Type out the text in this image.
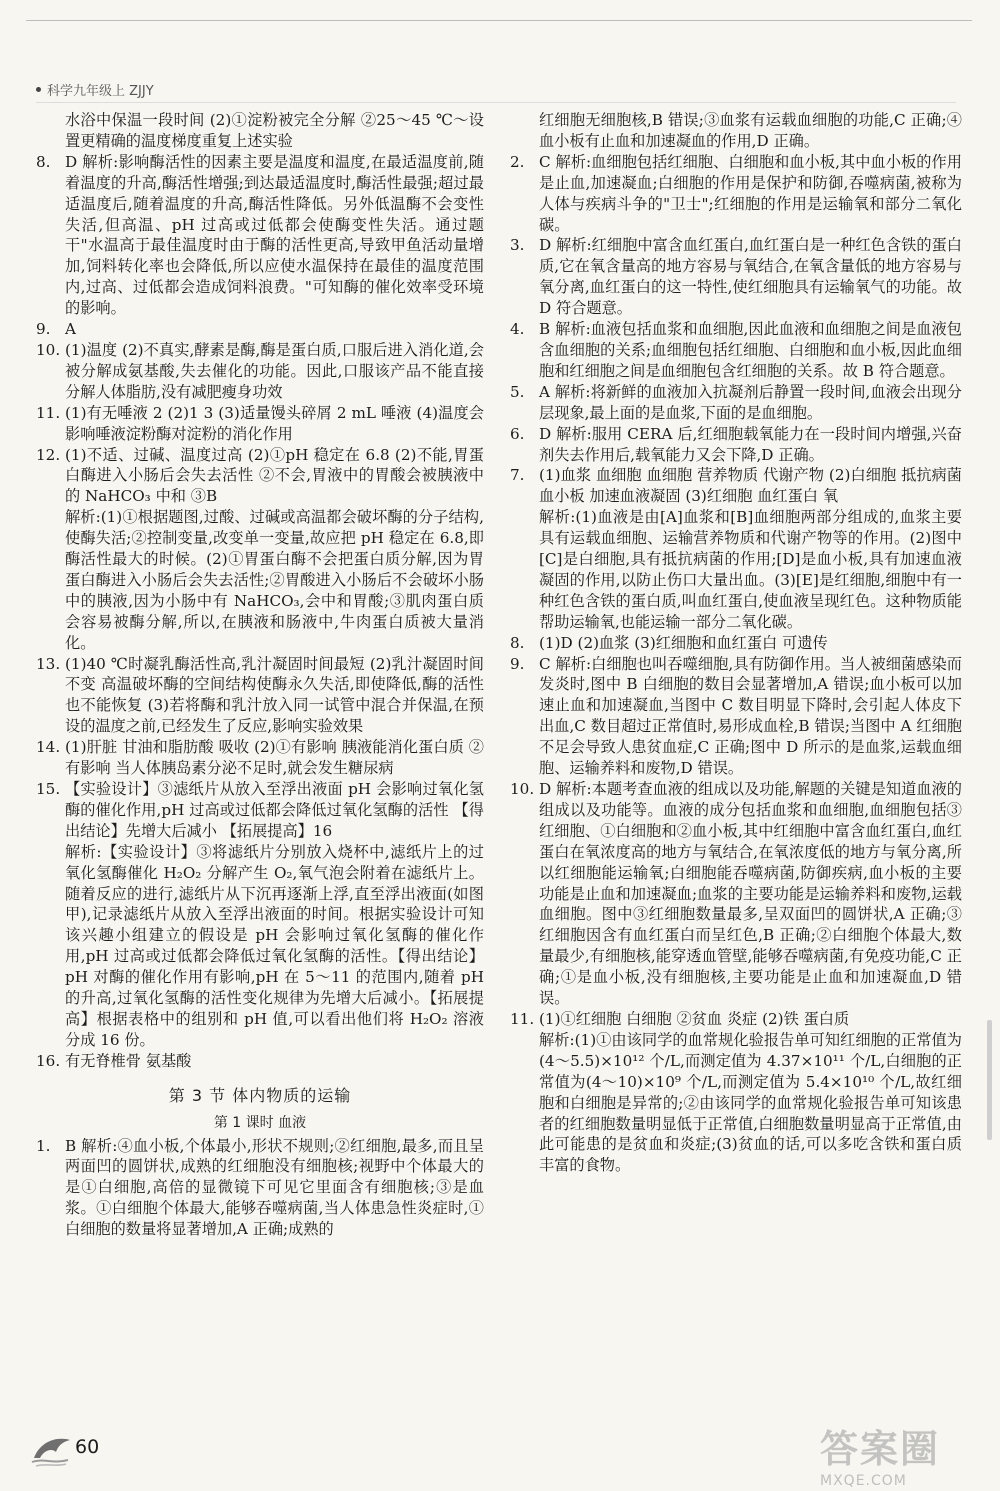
科学九年级上 ZJJY

水浴中保温一段时间 (2)①淀粉被完全分解 ②25～45 ℃～设置更精确的温度梯度重复上述实验

8. D 解析:影响酶活性的因素主要是温度和温度,在最适温度前,随着温度的升高,酶活性增强;到达最适温度时,酶活性最强;超过最适温度后,随着温度的升高,酶活性降低。另外低温酶不会变性失活,但高温、pH 过高或过低都会使酶变性失活。通过题干"水温高于最佳温度时由于酶的活性更高,导致甲鱼活动量增加,饲料转化率也会降低,所以应使水温保持在最佳的温度范围内,过高、过低都会造成饲料浪费。"可知酶的催化效率受环境的影响。

9. A

10. (1)温度 (2)不真实,酵素是酶,酶是蛋白质,口服后进入消化道,会被分解成氨基酸,失去催化的功能。因此,口服该产品不能直接分解人体脂肪,没有减肥瘦身功效

11. (1)有无唾液 2 (2)1 3 (3)适量馒头碎屑 2 mL 唾液 (4)温度会影响唾液淀粉酶对淀粉的消化作用

12. (1)不适、过碱、温度过高 (2)①pH 稳定在 6.8 (2)不能,胃蛋白酶进入小肠后会失去活性 ②不会,胃液中的胃酸会被胰液中的 NaHCO₃ 中和 ③B

解析:(1)①根据题图,过酸、过碱或高温都会破坏酶的分子结构,使酶失活;②控制变量,改变单一变量,故应把 pH 稳定在 6.8,即酶活性最大的时候。(2)①胃蛋白酶不会把蛋白质分解,因为胃蛋白酶进入小肠后会失去活性;②胃酸进入小肠后不会破坏小肠中的胰液,因为小肠中有 NaHCO₃,会中和胃酸;③肌肉蛋白质会容易被酶分解,所以,在胰液和肠液中,牛肉蛋白质被大量消化。

13. (1)40 ℃时凝乳酶活性高,乳汁凝固时间最短 (2)乳汁凝固时间不变 高温破坏酶的空间结构使酶永久失活,即使降低,酶的活性也不能恢复 (3)若将酶和乳汁放入同一试管中混合并保温,在预设的温度之前,已经发生了反应,影响实验效果

14. (1)肝脏 甘油和脂肪酸 吸收 (2)①有影响 胰液能消化蛋白质 ②有影响 当人体胰岛素分泌不足时,就会发生糖尿病

15. 【实验设计】③滤纸片从放入至浮出液面 pH 会影响过氧化氢酶的催化作用,pH 过高或过低都会降低过氧化氢酶的活性 【得出结论】先增大后减小 【拓展提高】16

解析:【实验设计】③将滤纸片分别放入烧杯中,滤纸片上的过氧化氢酶催化 H₂O₂ 分解产生 O₂,氧气泡会附着在滤纸片上。随着反应的进行,滤纸片从下沉再逐渐上浮,直至浮出液面(如图甲),记录滤纸片从放入至浮出液面的时间。根据实验设计可知该兴趣小组建立的假设是 pH 会影响过氧化氢酶的催化作用,pH 过高或过低都会降低过氧化氢酶的活性。【得出结论】pH 对酶的催化作用有影响,pH 在 5～11 的范围内,随着 pH 的升高,过氧化氢酶的活性变化规律为先增大后减小。【拓展提高】根据表格中的组别和 pH 值,可以看出他们将 H₂O₂ 溶液分成 16 份。

16. 有无脊椎骨 氨基酸

第 3 节 体内物质的运输
第 1 课时 血液
1. B 解析:④血小板,个体最小,形状不规则;②红细胞,最多,而且呈两面凹的圆饼状,成熟的红细胞没有细胞核;视野中个体最大的是①白细胞,高倍的显微镜下可见它里面含有细胞核;③是血浆。①白细胞个体最大,能够吞噬病菌,当人体患急性炎症时,①白细胞的数量将显著增加,A 正确;成熟的

红细胞无细胞核,B 错误;③血浆有运载血细胞的功能,C 正确;④血小板有止血和加速凝血的作用,D 正确。

2. C 解析:血细胞包括红细胞、白细胞和血小板,其中血小板的作用是止血,加速凝血;白细胞的作用是保护和防御,吞噬病菌,被称为人体与疾病斗争的"卫士";红细胞的作用是运输氧和部分二氧化碳。

3. D 解析:红细胞中富含血红蛋白,血红蛋白是一种红色含铁的蛋白质,它在氧含量高的地方容易与氧结合,在氧含量低的地方容易与氧分离,血红蛋白的这一特性,使红细胞具有运输氧气的功能。故 D 符合题意。

4. B 解析:血液包括血浆和血细胞,因此血液和血细胞之间是血液包含血细胞的关系;血细胞包括红细胞、白细胞和血小板,因此血细胞和红细胞之间是血细胞包含红细胞的关系。故 B 符合题意。

5. A 解析:将新鲜的血液加入抗凝剂后静置一段时间,血液会出现分层现象,最上面的是血浆,下面的是血细胞。

6. D 解析:服用 CERA 后,红细胞载氧能力在一段时间内增强,兴奋剂失去作用后,载氧能力又会下降,D 正确。

7. (1)血浆 血细胞 血细胞 营养物质 代谢产物 (2)白细胞 抵抗病菌 血小板 加速血液凝固 (3)红细胞 血红蛋白 氧

解析:(1)血液是由[A]血浆和[B]血细胞两部分组成的,血浆主要具有运载血细胞、运输营养物质和代谢产物等的作用。(2)图中[C]是白细胞,具有抵抗病菌的作用;[D]是血小板,具有加速血液凝固的作用,以防止伤口大量出血。(3)[E]是红细胞,细胞中有一种红色含铁的蛋白质,叫血红蛋白,使血液呈现红色。这种物质能帮助运输氧,也能运输一部分二氧化碳。

8. (1)D (2)血浆 (3)红细胞和血红蛋白 可遗传

9. C 解析:白细胞也叫吞噬细胞,具有防御作用。当人被细菌感染而发炎时,图中 B 白细胞的数目会显著增加,A 错误;血小板可以加速止血和加速凝血,当图中 C 数目明显下降时,会引起人体皮下出血,C 数目超过正常值时,易形成血栓,B 错误;当图中 A 红细胞不足会导致人患贫血症,C 正确;图中 D 所示的是血浆,运载血细胞、运输养料和废物,D 错误。

10. D 解析:本题考查血液的组成以及功能,解题的关键是知道血液的组成以及功能等。血液的成分包括血浆和血细胞,血细胞包括③红细胞、①白细胞和②血小板,其中红细胞中富含血红蛋白,血红蛋白在氧浓度高的地方与氧结合,在氧浓度低的地方与氧分离,所以红细胞能运输氧;白细胞能吞噬病菌,防御疾病,血小板的主要功能是止血和加速凝血;血浆的主要功能是运输养料和废物,运载血细胞。图中③红细胞数量最多,呈双面凹的圆饼状,A 正确;③红细胞因含有血红蛋白而呈红色,B 正确;②白细胞个体最大,数量最少,有细胞核,能穿透血管壁,能够吞噬病菌,有免疫功能,C 正确;①是血小板,没有细胞核,主要功能是止血和加速凝血,D 错误。

11. (1)①红细胞 白细胞 ②贫血 炎症 (2)铁 蛋白质

解析:(1)①由该同学的血常规化验报告单可知红细胞的正常值为(4～5.5)×10¹² 个/L,而测定值为 4.37×10¹¹ 个/L,白细胞的正常值为(4～10)×10⁹ 个/L,而测定值为 5.4×10¹⁰ 个/L,故红细胞和白细胞是异常的;②由该同学的血常规化验报告单可知该患者的红细胞数量明显低于正常值,白细胞数量明显高于正常值,由此可能患的是贫血和炎症;(3)贫血的话,可以多吃含铁和蛋白质丰富的食物。

60	答案圈
MXQE.COM
